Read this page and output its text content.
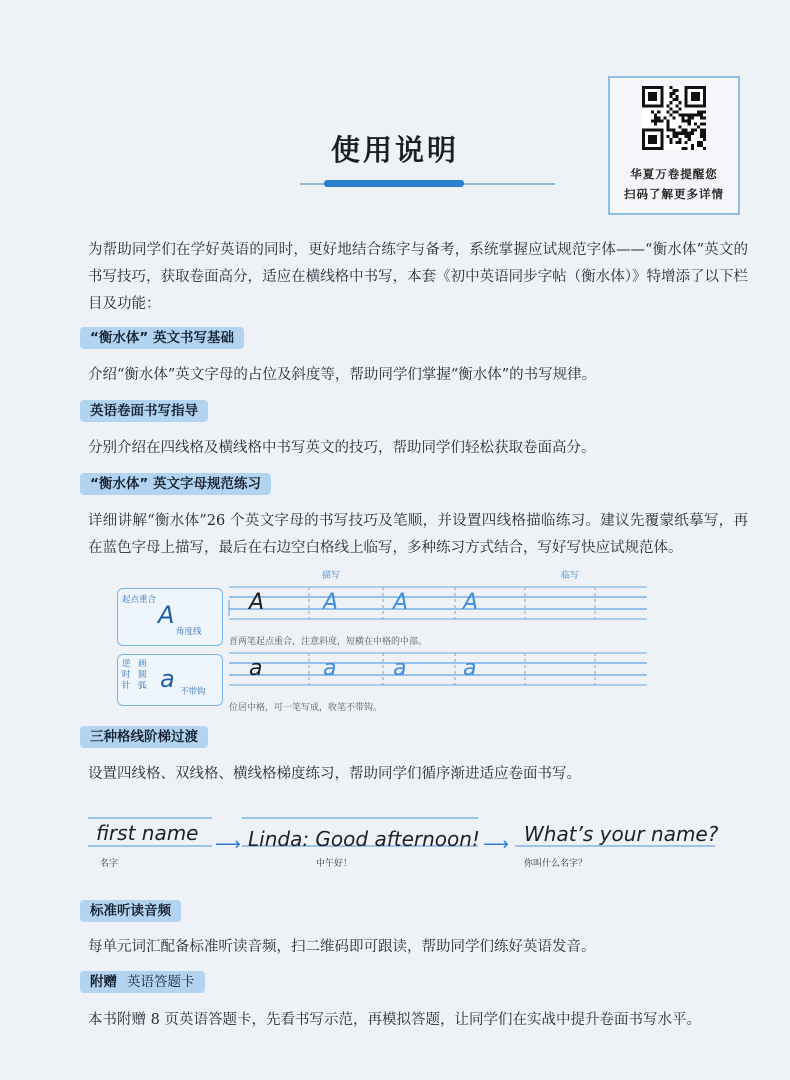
使用说明
华夏万卷提醒您
扫码了解更多详情

为帮助同学们在学好英语的同时，更好地结合练字与备考，系统掌握应试规范字体——“衡水体”英文的书写技巧，获取卷面高分，适应在横线格中书写，本套《初中英语同步字帖（衡水体）》特增添了以下栏目及功能：

“衡水体” 英文书写基础

介绍“衡水体”英文字母的占位及斜度等，帮助同学们掌握“衡水体”的书写规律。

英语卷面书写指导

分别介绍在四线格及横线格中书写英文的技巧，帮助同学们轻松获取卷面高分。

“衡水体” 英文字母规范练习

详细讲解“衡水体”26 个英文字母的书写技巧及笔顺，并设置四线格描临练习。建议先覆蒙纸摹写，再在蓝色字母上描写，最后在右边空白格线上临写，多种练习方式结合，写好写快应试规范体。

描写	临写
起点重合
A
角度线
A	A A A
首两笔起点重合，注意斜度，短横在中格的中部。
逆时针
画圆弧 a 不带钩
a	a	a	a
位居中格，可一笔写成，收笔不带钩。
三种格线阶梯过渡

设置四线格、双线格、横线格梯度练习，帮助同学们循序渐进适应卷面书写。

first name
名字
⟶ Linda: Good afternoon!
中午好！
⟶ What’s your name?
你叫什么名字？
标准听读音频

每单元词汇配备标准听读音频，扫二维码即可跟读，帮助同学们练好英语发音。

附赠 英语答题卡

本书附赠 8 页英语答题卡，先看书写示范，再模拟答题，让同学们在实战中提升卷面书写水平。
